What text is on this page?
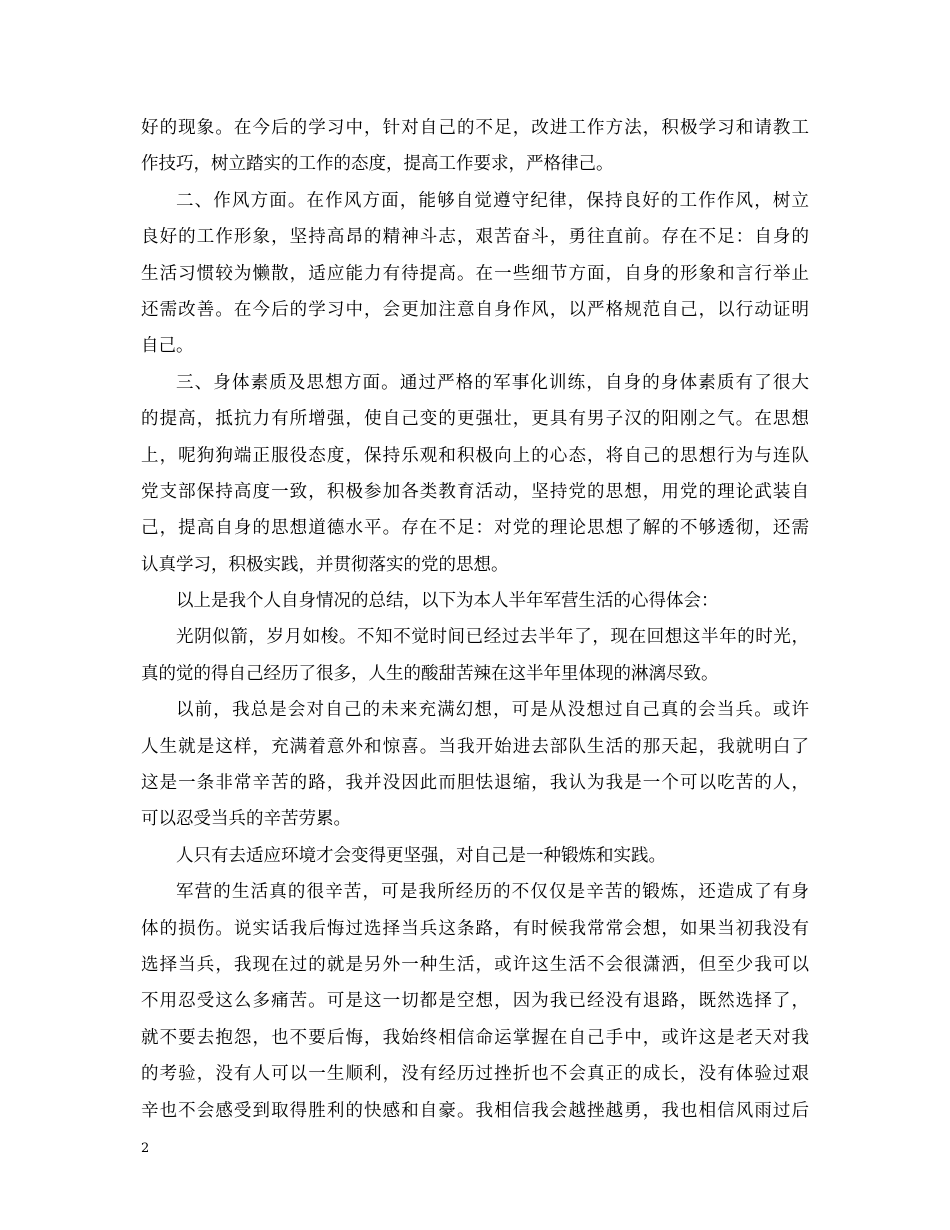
好的现象。在今后的学习中，针对自己的不足，改进工作方法，积极学习和请教工
作技巧，树立踏实的工作的态度，提高工作要求，严格律己。
二、作风方面。在作风方面，能够自觉遵守纪律，保持良好的工作作风，树立
良好的工作形象，坚持高昂的精神斗志，艰苦奋斗，勇往直前。存在不足：自身的
生活习惯较为懒散，适应能力有待提高。在一些细节方面，自身的形象和言行举止
还需改善。在今后的学习中，会更加注意自身作风，以严格规范自己，以行动证明
自己。
三、身体素质及思想方面。通过严格的军事化训练，自身的身体素质有了很大
的提高，抵抗力有所增强，使自己变的更强壮，更具有男子汉的阳刚之气。在思想
上，呢狗狗端正服役态度，保持乐观和积极向上的心态，将自己的思想行为与连队
党支部保持高度一致，积极参加各类教育活动，坚持党的思想，用党的理论武装自
己，提高自身的思想道德水平。存在不足：对党的理论思想了解的不够透彻，还需
认真学习，积极实践，并贯彻落实的党的思想。
以上是我个人自身情况的总结，以下为本人半年军营生活的心得体会：
光阴似箭，岁月如梭。不知不觉时间已经过去半年了，现在回想这半年的时光，
真的觉的得自己经历了很多，人生的酸甜苦辣在这半年里体现的淋漓尽致。
以前，我总是会对自己的未来充满幻想，可是从没想过自己真的会当兵。或许
人生就是这样，充满着意外和惊喜。当我开始进去部队生活的那天起，我就明白了
这是一条非常辛苦的路，我并没因此而胆怯退缩，我认为我是一个可以吃苦的人，
可以忍受当兵的辛苦劳累。
人只有去适应环境才会变得更坚强，对自己是一种锻炼和实践。
军营的生活真的很辛苦，可是我所经历的不仅仅是辛苦的锻炼，还造成了有身
体的损伤。说实话我后悔过选择当兵这条路，有时候我常常会想，如果当初我没有
选择当兵，我现在过的就是另外一种生活，或许这生活不会很潇洒，但至少我可以
不用忍受这么多痛苦。可是这一切都是空想，因为我已经没有退路，既然选择了，
就不要去抱怨，也不要后悔，我始终相信命运掌握在自己手中，或许这是老天对我
的考验，没有人可以一生顺利，没有经历过挫折也不会真正的成长，没有体验过艰
辛也不会感受到取得胜利的快感和自豪。我相信我会越挫越勇，我也相信风雨过后
2
